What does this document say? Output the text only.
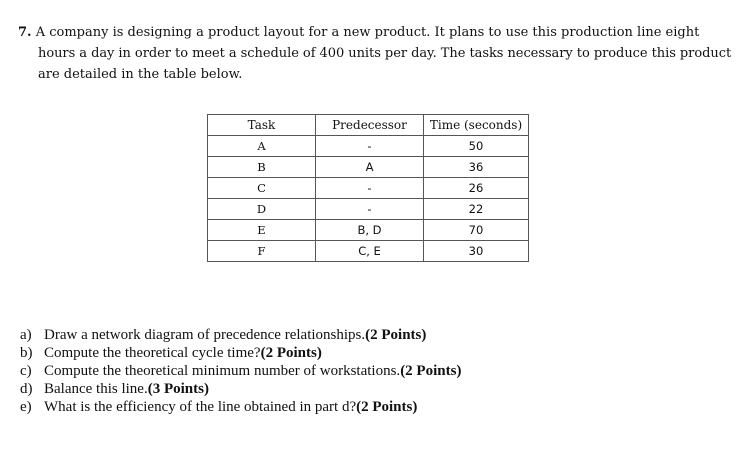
7. A company is designing a product layout for a new product. It plans to use this production line eight
hours a day in order to meet a schedule of 400 units per day. The tasks necessary to produce this product
are detailed in the table below.
Task	Predecessor	Time (seconds)
A	-	50
B	A	36
C	-	26
D	-	22
E	B, D	70
F	C, E	30
a) Draw a network diagram of precedence relationships. (2 Points)
b) Compute the theoretical cycle time? (2 Points)
c) Compute the theoretical minimum number of workstations. (2 Points)
d) Balance this line. (3 Points)
e) What is the efficiency of the line obtained in part d? (2 Points)
